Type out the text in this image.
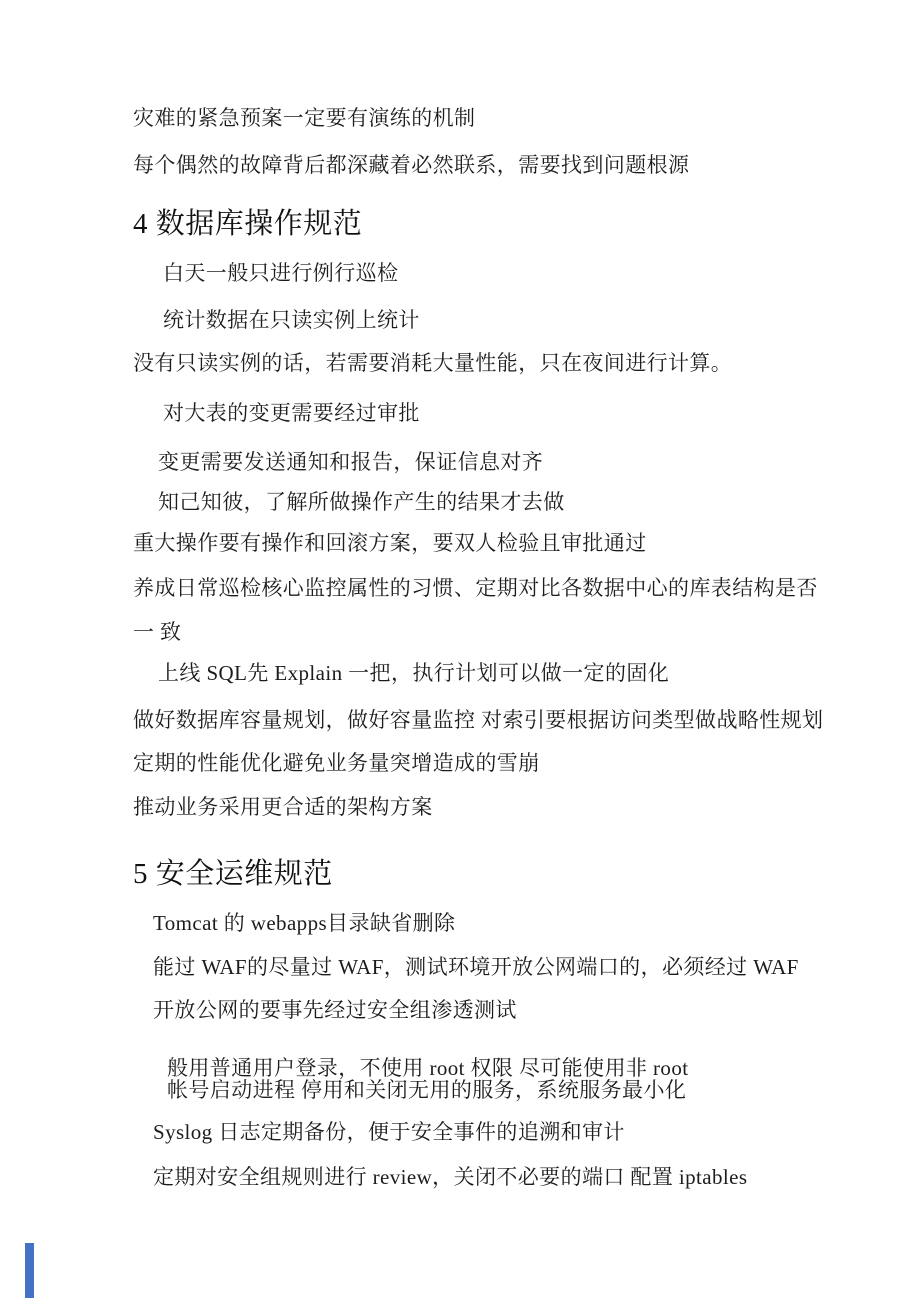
灾难的紧急预案一定要有演练的机制
每个偶然的故障背后都深藏着必然联系，需要找到问题根源
4 数据库操作规范
白天一般只进行例行巡检
统计数据在只读实例上统计
没有只读实例的话，若需要消耗大量性能，只在夜间进行计算。
对大表的变更需要经过审批
变更需要发送通知和报告，保证信息对齐
知己知彼，了解所做操作产生的结果才去做
重大操作要有操作和回滚方案，要双人检验且审批通过
养成日常巡检核心监控属性的习惯、定期对比各数据中心的库表结构是否
一 致
上线 SQL先 Explain 一把，执行计划可以做一定的固化
做好数据库容量规划，做好容量监控 对索引要根据访问类型做战略性规划
定期的性能优化避免业务量突增造成的雪崩
推动业务采用更合适的架构方案
5 安全运维规范
Tomcat 的 webapps目录缺省删除
能过 WAF的尽量过 WAF，测试环境开放公网端口的，必须经过 WAF
开放公网的要事先经过安全组渗透测试
般用普通用户登录，不使用 root 权限 尽可能使用非 root
帐号启动进程 停用和关闭无用的服务，系统服务最小化
Syslog 日志定期备份，便于安全事件的追溯和审计
定期对安全组规则进行 review，关闭不必要的端口 配置 iptables
